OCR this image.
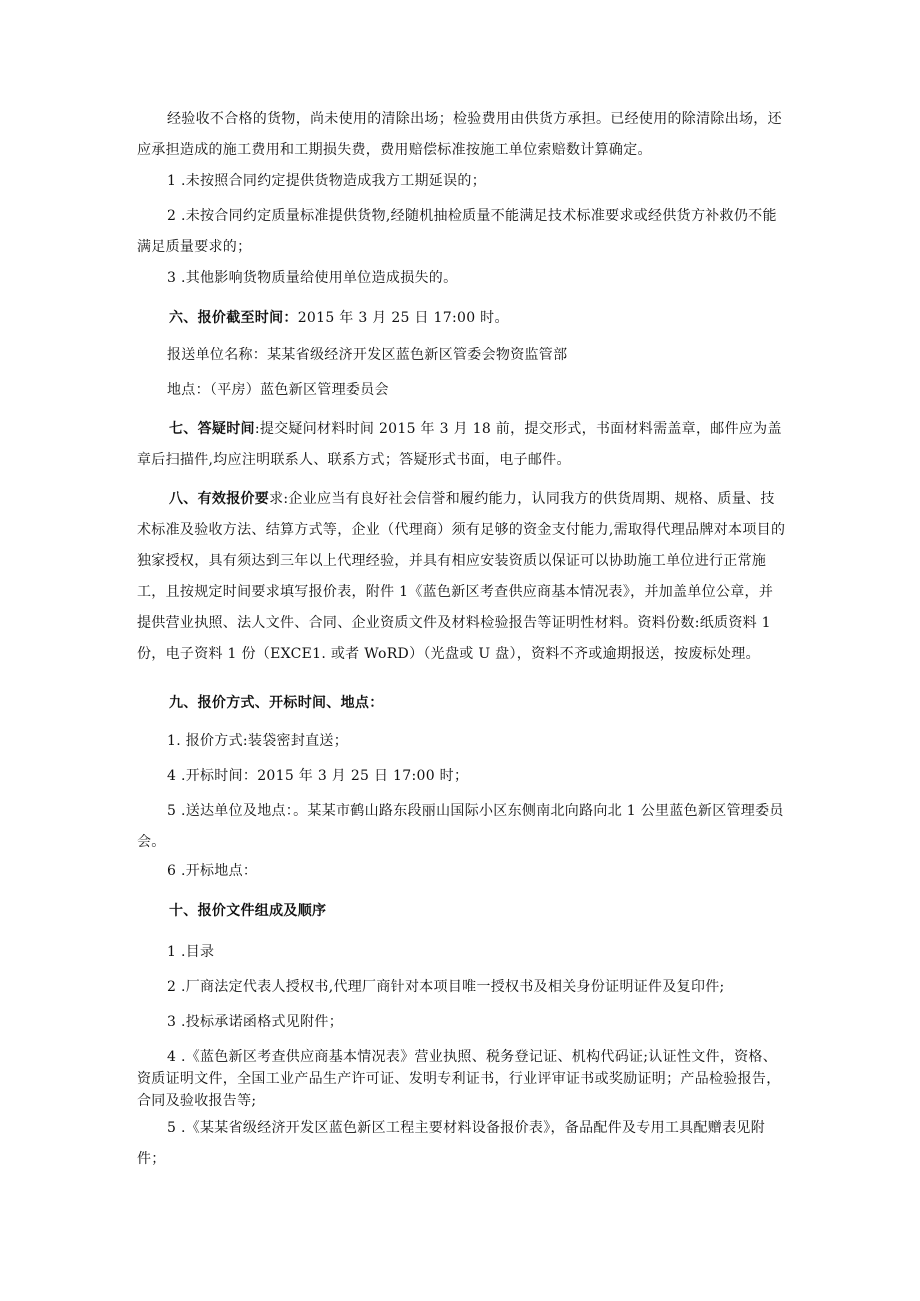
经验收不合格的货物，尚未使用的清除出场；检验费用由供货方承担。已经使用的除清除出场，还应承担造成的施工费用和工期损失费，费用赔偿标准按施工单位索赔数计算确定。

1 .未按照合同约定提供货物造成我方工期延误的；

2 .未按合同约定质量标准提供货物,经随机抽检质量不能满足技术标准要求或经供货方补救仍不能满足质量要求的；

3 .其他影响货物质量给使用单位造成损失的。

六、报价截至时间：2015 年 3 月 25 日 17:00 时。

报送单位名称：某某省级经济开发区蓝色新区管委会物资监管部

地点：（平房）蓝色新区管理委员会

七、答疑时间:提交疑问材料时间 2015 年 3 月 18 前，提交形式，书面材料需盖章，邮件应为盖章后扫描件,均应注明联系人、联系方式；答疑形式书面，电子邮件。

八、有效报价要求:企业应当有良好社会信誉和履约能力，认同我方的供货周期、规格、质量、技术标准及验收方法、结算方式等，企业（代理商）须有足够的资金支付能力,需取得代理品牌对本项目的独家授权，具有须达到三年以上代理经验，并具有相应安装资质以保证可以协助施工单位进行正常施工，且按规定时间要求填写报价表，附件 1《蓝色新区考查供应商基本情况表》，并加盖单位公章，并提供营业执照、法人文件、合同、企业资质文件及材料检验报告等证明性材料。资料份数:纸质资料 1 份，电子资料 1 份（EXCE1. 或者 WoRD）（光盘或 U 盘），资料不齐或逾期报送，按废标处理。

九、报价方式、开标时间、地点：

1. 报价方式:装袋密封直送；

4 .开标时间：2015 年 3 月 25 日 17:00 时；

5 .送达单位及地点：。某某市鹤山路东段丽山国际小区东侧南北向路向北 1 公里蓝色新区管理委员会。

6 .开标地点：

十、报价文件组成及顺序

1 .目录

2 .厂商法定代表人授权书,代理厂商针对本项目唯一授权书及相关身份证明证件及复印件;

3 .投标承诺函格式见附件；

4 .《蓝色新区考查供应商基本情况表》营业执照、税务登记证、机构代码证;认证性文件，资格、资质证明文件，全国工业产品生产许可证、发明专利证书，行业评审证书或奖励证明；产品检验报告，合同及验收报告等;

5 .《某某省级经济开发区蓝色新区工程主要材料设备报价表》，备品配件及专用工具配赠表见附件；
